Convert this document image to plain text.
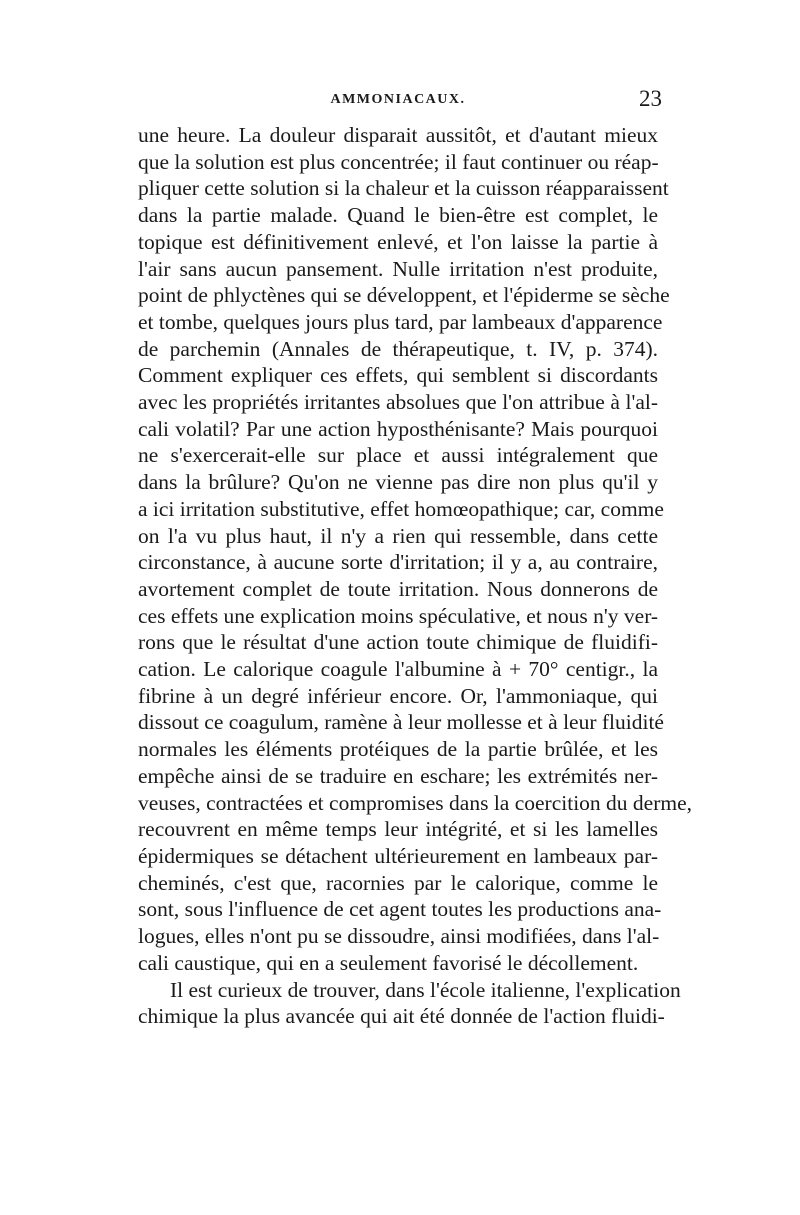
AMMONIACAUX.	23
une heure. La douleur disparait aussitôt, et d'autant mieux
que la solution est plus concentrée; il faut continuer ou réap-
pliquer cette solution si la chaleur et la cuisson réapparaissent
dans la partie malade. Quand le bien-être est complet, le
topique est définitivement enlevé, et l'on laisse la partie à
l'air sans aucun pansement. Nulle irritation n'est produite,
point de phlyctènes qui se développent, et l'épiderme se sèche
et tombe, quelques jours plus tard, par lambeaux d'apparence
de parchemin (Annales de thérapeutique, t. IV, p. 374).
Comment expliquer ces effets, qui semblent si discordants
avec les propriétés irritantes absolues que l'on attribue à l'al-
cali volatil? Par une action hyposthénisante? Mais pourquoi
ne s'exercerait-elle sur place et aussi intégralement que
dans la brûlure? Qu'on ne vienne pas dire non plus qu'il y
a ici irritation substitutive, effet homœopathique; car, comme
on l'a vu plus haut, il n'y a rien qui ressemble, dans cette
circonstance, à aucune sorte d'irritation; il y a, au contraire,
avortement complet de toute irritation. Nous donnerons de
ces effets une explication moins spéculative, et nous n'y ver-
rons que le résultat d'une action toute chimique de fluidifi-
cation. Le calorique coagule l'albumine à + 70° centigr., la
fibrine à un degré inférieur encore. Or, l'ammoniaque, qui
dissout ce coagulum, ramène à leur mollesse et à leur fluidité
normales les éléments protéiques de la partie brûlée, et les
empêche ainsi de se traduire en eschare; les extrémités ner-
veuses, contractées et compromises dans la coercition du derme,
recouvrent en même temps leur intégrité, et si les lamelles
épidermiques se détachent ultérieurement en lambeaux par-
cheminés, c'est que, racornies par le calorique, comme le
sont, sous l'influence de cet agent toutes les productions ana-
logues, elles n'ont pu se dissoudre, ainsi modifiées, dans l'al-
cali caustique, qui en a seulement favorisé le décollement.
Il est curieux de trouver, dans l'école italienne, l'explication
chimique la plus avancée qui ait été donnée de l'action fluidi-
